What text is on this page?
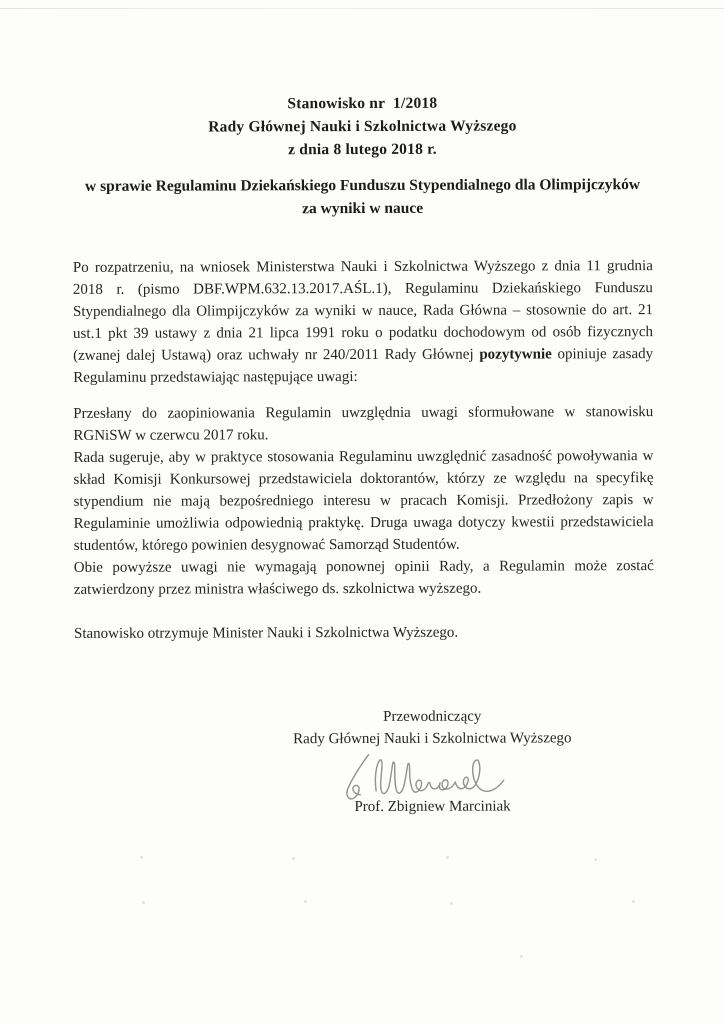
Stanowisko nr  1/2018
Rady Głównej Nauki i Szkolnictwa Wyższego
z dnia 8 lutego 2018 r.
w sprawie Regulaminu Dziekańskiego Funduszu Stypendialnego dla Olimpijczyków
za wyniki w nauce

Po rozpatrzeniu, na wniosek Ministerstwa Nauki i Szkolnictwa Wyższego z dnia 11 grudnia 2018 r. (pismo DBF.WPM.632.13.2017.AŚL.1), Regulaminu Dziekańskiego Funduszu Stypendialnego dla Olimpijczyków za wyniki w nauce, Rada Główna – stosownie do art. 21 ust.1 pkt 39 ustawy z dnia 21 lipca 1991 roku o podatku dochodowym od osób fizycznych (zwanej dalej Ustawą) oraz uchwały nr 240/2011 Rady Głównej pozytywnie opiniuje zasady Regulaminu przedstawiając następujące uwagi:

Przesłany do zaopiniowania Regulamin uwzględnia uwagi sformułowane w stanowisku RGNiSW w czerwcu 2017 roku.

Rada sugeruje, aby w praktyce stosowania Regulaminu uwzględnić zasadność powoływania w skład Komisji Konkursowej przedstawiciela doktorantów, którzy ze względu na specyfikę stypendium nie mają bezpośredniego interesu w pracach Komisji. Przedłożony zapis w Regulaminie umożliwia odpowiednią praktykę. Druga uwaga dotyczy kwestii przedstawiciela studentów, którego powinien desygnować Samorząd Studentów.

Obie powyższe uwagi nie wymagają ponownej opinii Rady, a Regulamin może zostać zatwierdzony przez ministra właściwego ds. szkolnictwa wyższego.

Stanowisko otrzymuje Minister Nauki i Szkolnictwa Wyższego.

Przewodniczący
Rady Głównej Nauki i Szkolnictwa Wyższego
Prof. Zbigniew Marciniak
